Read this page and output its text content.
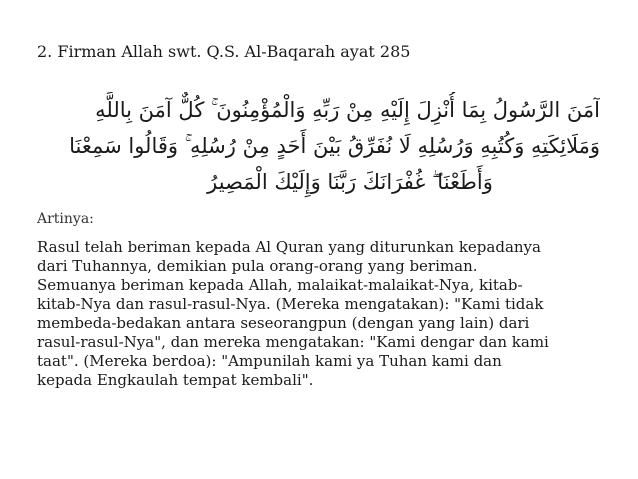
2. Firman Allah swt. Q.S. Al-Baqarah ayat 285
آمَنَ الرَّسُولُ بِمَا أُنْزِلَ إِلَيْهِ مِنْ رَبِّهِ وَالْمُؤْمِنُونَ ۚ كُلٌّ آمَنَ بِاللَّهِ
وَمَلَائِكَتِهِ وَكُتُبِهِ وَرُسُلِهِ لَا نُفَرِّقُ بَيْنَ أَحَدٍ مِنْ رُسُلِهِ ۚ وَقَالُوا سَمِعْنَا
وَأَطَعْنَا ۖ غُفْرَانَكَ رَبَّنَا وَإِلَيْكَ الْمَصِيرُ
Artinya:
Rasul telah beriman kepada Al Quran yang diturunkan kepadanya
dari Tuhannya, demikian pula orang-orang yang beriman.
Semuanya beriman kepada Allah, malaikat-malaikat-Nya, kitab-
kitab-Nya dan rasul-rasul-Nya. (Mereka mengatakan): "Kami tidak
membeda-bedakan antara seseorangpun (dengan yang lain) dari
rasul-rasul-Nya", dan mereka mengatakan: "Kami dengar dan kami
taat". (Mereka berdoa): "Ampunilah kami ya Tuhan kami dan
kepada Engkaulah tempat kembali".
